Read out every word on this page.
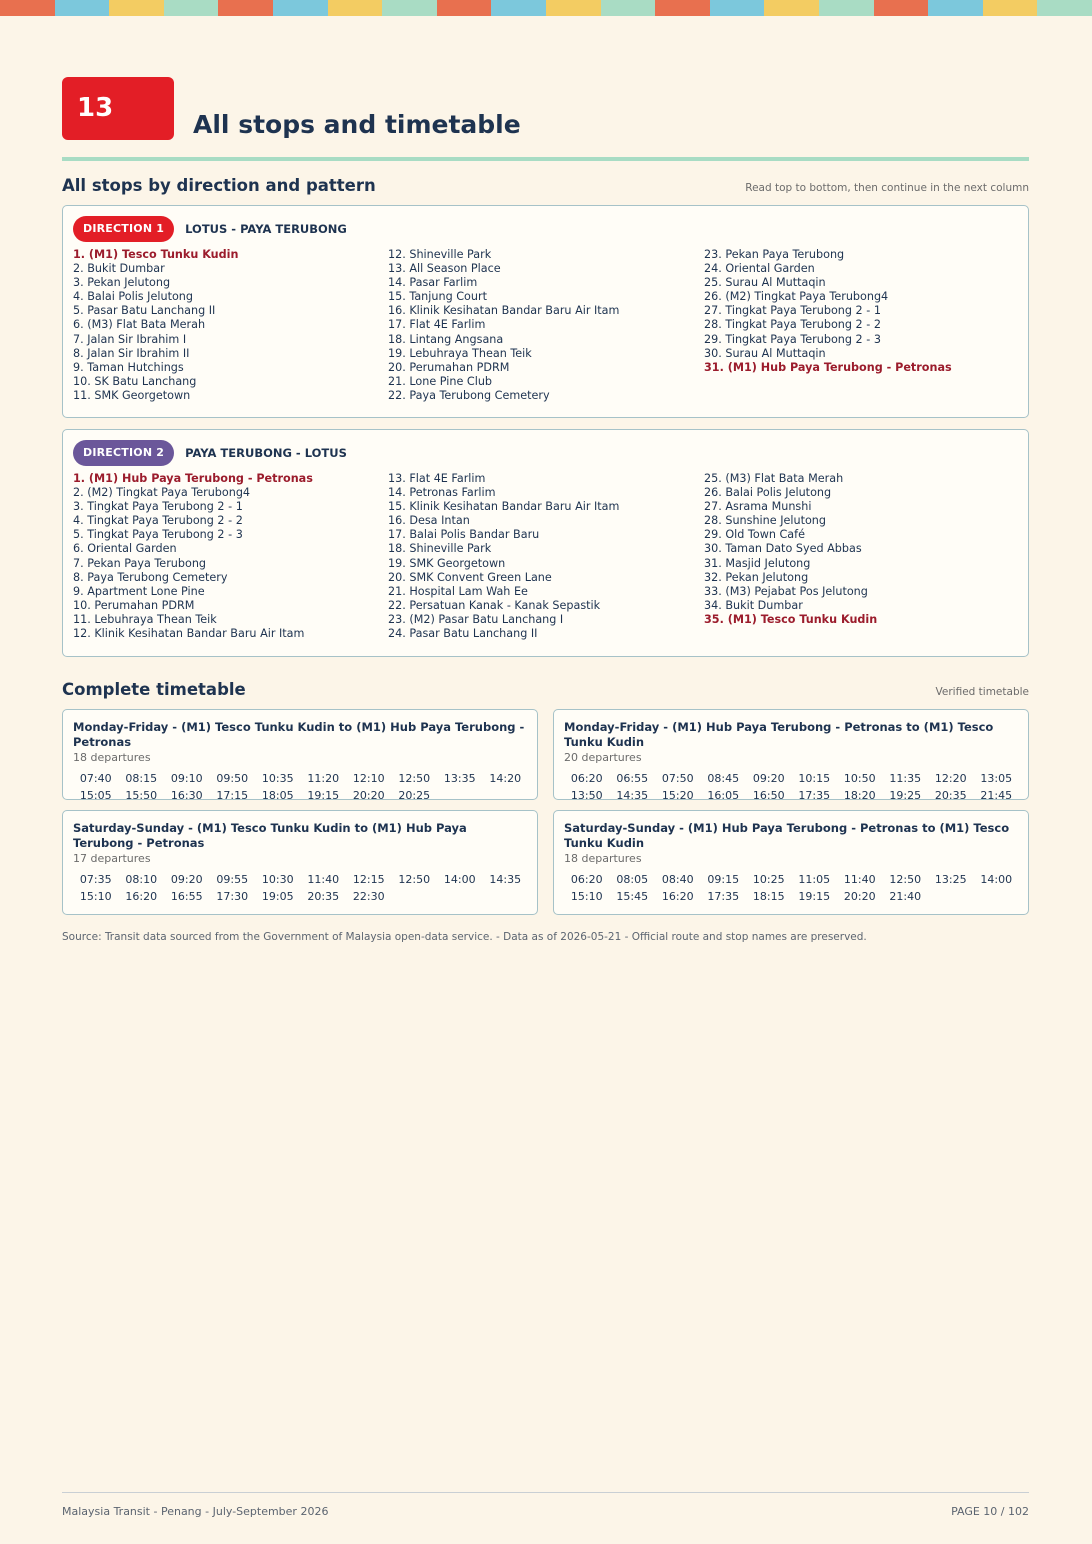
13
All stops and timetable
All stops by direction and pattern	Read top to bottom, then continue in the next column
DIRECTION 1	LOTUS - PAYA TERUBONG
1. (M1) Tesco Tunku Kudin
2. Bukit Dumbar
3. Pekan Jelutong
4. Balai Polis Jelutong
5. Pasar Batu Lanchang II
6. (M3) Flat Bata Merah
7. Jalan Sir Ibrahim I
8. Jalan Sir Ibrahim II
9. Taman Hutchings
10. SK Batu Lanchang
11. SMK Georgetown
12. Shineville Park
13. All Season Place
14. Pasar Farlim
15. Tanjung Court
16. Klinik Kesihatan Bandar Baru Air Itam
17. Flat 4E Farlim
18. Lintang Angsana
19. Lebuhraya Thean Teik
20. Perumahan PDRM
21. Lone Pine Club
22. Paya Terubong Cemetery
23. Pekan Paya Terubong
24. Oriental Garden
25. Surau Al Muttaqin
26. (M2) Tingkat Paya Terubong4
27. Tingkat Paya Terubong 2 - 1
28. Tingkat Paya Terubong 2 - 2
29. Tingkat Paya Terubong 2 - 3
30. Surau Al Muttaqin
31. (M1) Hub Paya Terubong - Petronas
DIRECTION 2	PAYA TERUBONG - LOTUS
1. (M1) Hub Paya Terubong - Petronas
2. (M2) Tingkat Paya Terubong4
3. Tingkat Paya Terubong 2 - 1
4. Tingkat Paya Terubong 2 - 2
5. Tingkat Paya Terubong 2 - 3
6. Oriental Garden
7. Pekan Paya Terubong
8. Paya Terubong Cemetery
9. Apartment Lone Pine
10. Perumahan PDRM
11. Lebuhraya Thean Teik
12. Klinik Kesihatan Bandar Baru Air Itam
13. Flat 4E Farlim
14. Petronas Farlim
15. Klinik Kesihatan Bandar Baru Air Itam
16. Desa Intan
17. Balai Polis Bandar Baru
18. Shineville Park
19. SMK Georgetown
20. SMK Convent Green Lane
21. Hospital Lam Wah Ee
22. Persatuan Kanak - Kanak Sepastik
23. (M2) Pasar Batu Lanchang I
24. Pasar Batu Lanchang II
25. (M3) Flat Bata Merah
26. Balai Polis Jelutong
27. Asrama Munshi
28. Sunshine Jelutong
29. Old Town Café
30. Taman Dato Syed Abbas
31. Masjid Jelutong
32. Pekan Jelutong
33. (M3) Pejabat Pos Jelutong
34. Bukit Dumbar
35. (M1) Tesco Tunku Kudin
Complete timetable	Verified timetable
Monday-Friday - (M1) Tesco Tunku Kudin to (M1) Hub Paya Terubong - Petronas
18 departures
07:40	08:15	09:10	09:50	10:35	11:20	12:10	12:50	13:35	14:20
15:05	15:50	16:30	17:15	18:05	19:15	20:20	20:25
Monday-Friday - (M1) Hub Paya Terubong - Petronas to (M1) Tesco Tunku Kudin
20 departures
06:20	06:55	07:50	08:45	09:20	10:15	10:50	11:35	12:20	13:05
13:50	14:35	15:20	16:05	16:50	17:35	18:20	19:25	20:35	21:45
Saturday-Sunday - (M1) Tesco Tunku Kudin to (M1) Hub Paya Terubong - Petronas
17 departures
07:35	08:10	09:20	09:55	10:30	11:40	12:15	12:50	14:00	14:35
15:10	16:20	16:55	17:30	19:05	20:35	22:30
Saturday-Sunday - (M1) Hub Paya Terubong - Petronas to (M1) Tesco Tunku Kudin
18 departures
06:20	08:05	08:40	09:15	10:25	11:05	11:40	12:50	13:25	14:00
15:10	15:45	16:20	17:35	18:15	19:15	20:20	21:40
Source: Transit data sourced from the Government of Malaysia open-data service. - Data as of 2026-05-21 - Official route and stop names are preserved.
Malaysia Transit - Penang - July-September 2026	PAGE 10 / 102
